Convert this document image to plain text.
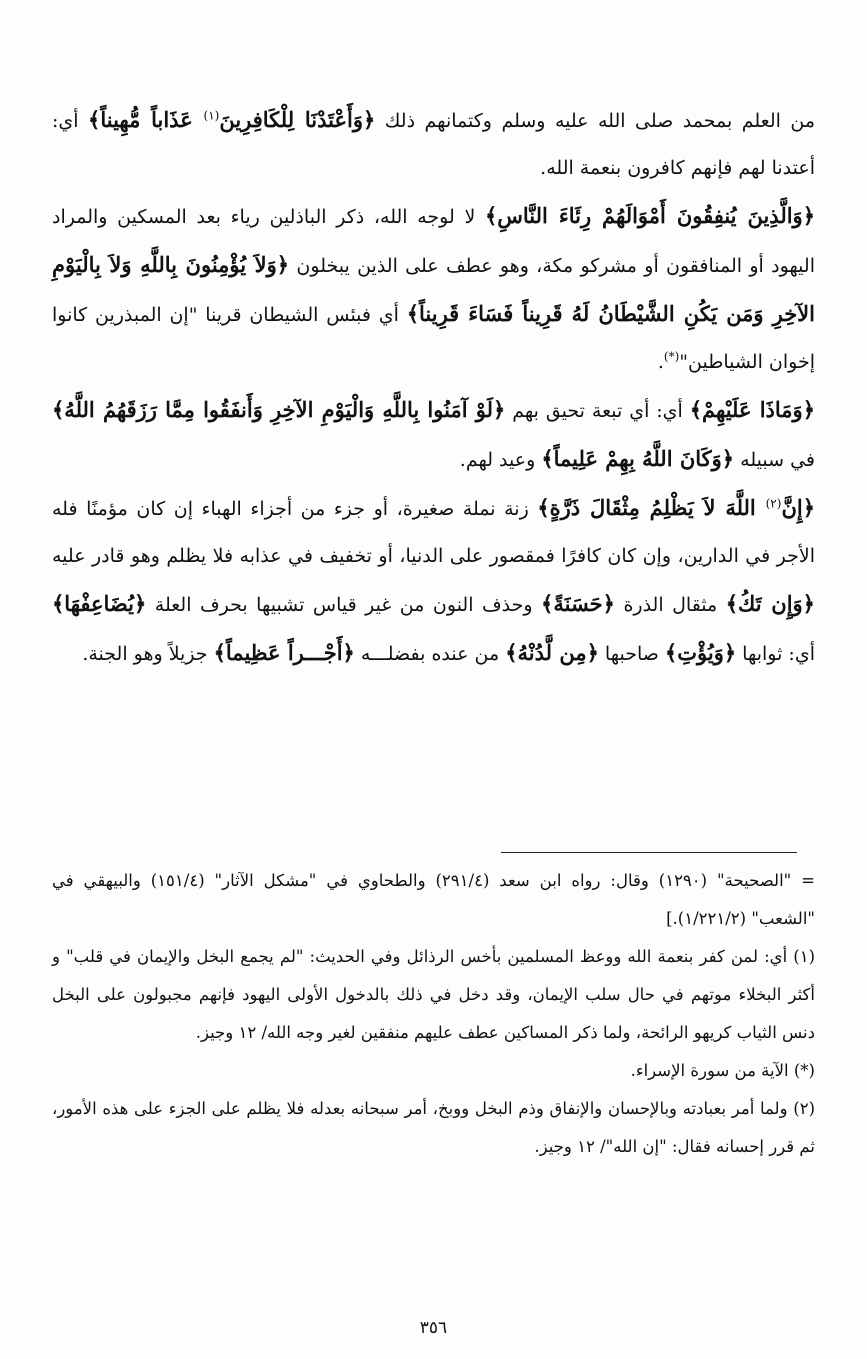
من العلم بمحمد صلى الله عليه وسلم وكتمانهم ذلك ﴿وَأَعْتَدْنَا لِلْكَافِرِينَ$^{(١)}$ عَذَاباً مُّهِيناً﴾ أي: أعتدنا لهم فإنهم كافرون بنعمة الله.

﴿وَالَّذِينَ يُنفِقُونَ أَمْوَالَهُمْ رِئَاءَ النَّاسِ﴾ لا لوجه الله، ذكر الباذلين رياء بعد المسكين والمراد اليهود أو المنافقون أو مشركو مكة، وهو عطف على الذين يبخلون ﴿وَلاَ يُؤْمِنُونَ بِاللَّهِ وَلاَ بِالْيَوْمِ الآخِرِ وَمَن يَكُنِ الشَّيْطَانُ لَهُ قَرِيناً فَسَاءَ قَرِيناً﴾ أي فبئس الشيطان قرينا "إن المبذرين كانوا إخوان الشياطين"(*).

﴿وَمَاذَا عَلَيْهِمْ﴾ أي: أي تبعة تحيق بهم ﴿لَوْ آمَنُوا بِاللَّهِ وَالْيَوْمِ الآخِرِ وَأَنفَقُوا مِمَّا رَزَقَهُمُ اللَّهُ﴾ في سبيله ﴿وَكَانَ اللَّهُ بِهِمْ عَلِيماً﴾ وعيد لهم.

﴿إِنَّ$^{(٢)}$ اللَّهَ لاَ يَظْلِمُ مِثْقَالَ ذَرَّةٍ﴾ زنة نملة صغيرة، أو جزء من أجزاء الهباء إن كان مؤمنًا فله الأجر في الدارين، وإن كان كافرًا فمقصور على الدنيا، أو تخفيف في عذابه فلا يظلم وهو قادر عليه ﴿وَإِن تَكُ﴾ مثقال الذرة ﴿حَسَنَةً﴾ وحذف النون من غير قياس تشبيها بحرف العلة ﴿يُضَاعِفْهَا﴾ أي: ثوابها ﴿وَيُؤْتِ﴾ صاحبها ﴿مِن لَّدُنْهُ﴾ من عنده بفضلـــه ﴿أَجْـــراً عَظِيماً﴾ جزيلاً وهو الجنة.

= "الصحيحة" (١٢٩٠) وقال: رواه ابن سعد (٢٩١/٤) والطحاوي في "مشكل الآثار" (١٥١/٤) والبيهقي في "الشعب" (١/٢٢١/٢).]

(١) أي: لمن كفر بنعمة الله ووعظ المسلمين بأخس الرذائل وفي الحديث: "لم يجمع البخل والإيمان في قلب" و أكثر البخلاء موتهم في حال سلب الإيمان، وقد دخل في ذلك بالدخول الأولى اليهود فإنهم مجبولون على البخل دنس الثياب كريهو الرائحة، ولما ذكر المساكين عطف عليهم منفقين لغير وجه الله/ ١٢ وجيز.

(*) الآية من سورة الإسراء.

(٢) ولما أمر بعبادته وبالإحسان والإنفاق وذم البخل ووبخ، أمر سبحانه بعدله فلا يظلم على الجزء على هذه الأمور، ثم قرر إحسانه فقال: "إن الله"/ ١٢ وجيز.

٣٥٦
